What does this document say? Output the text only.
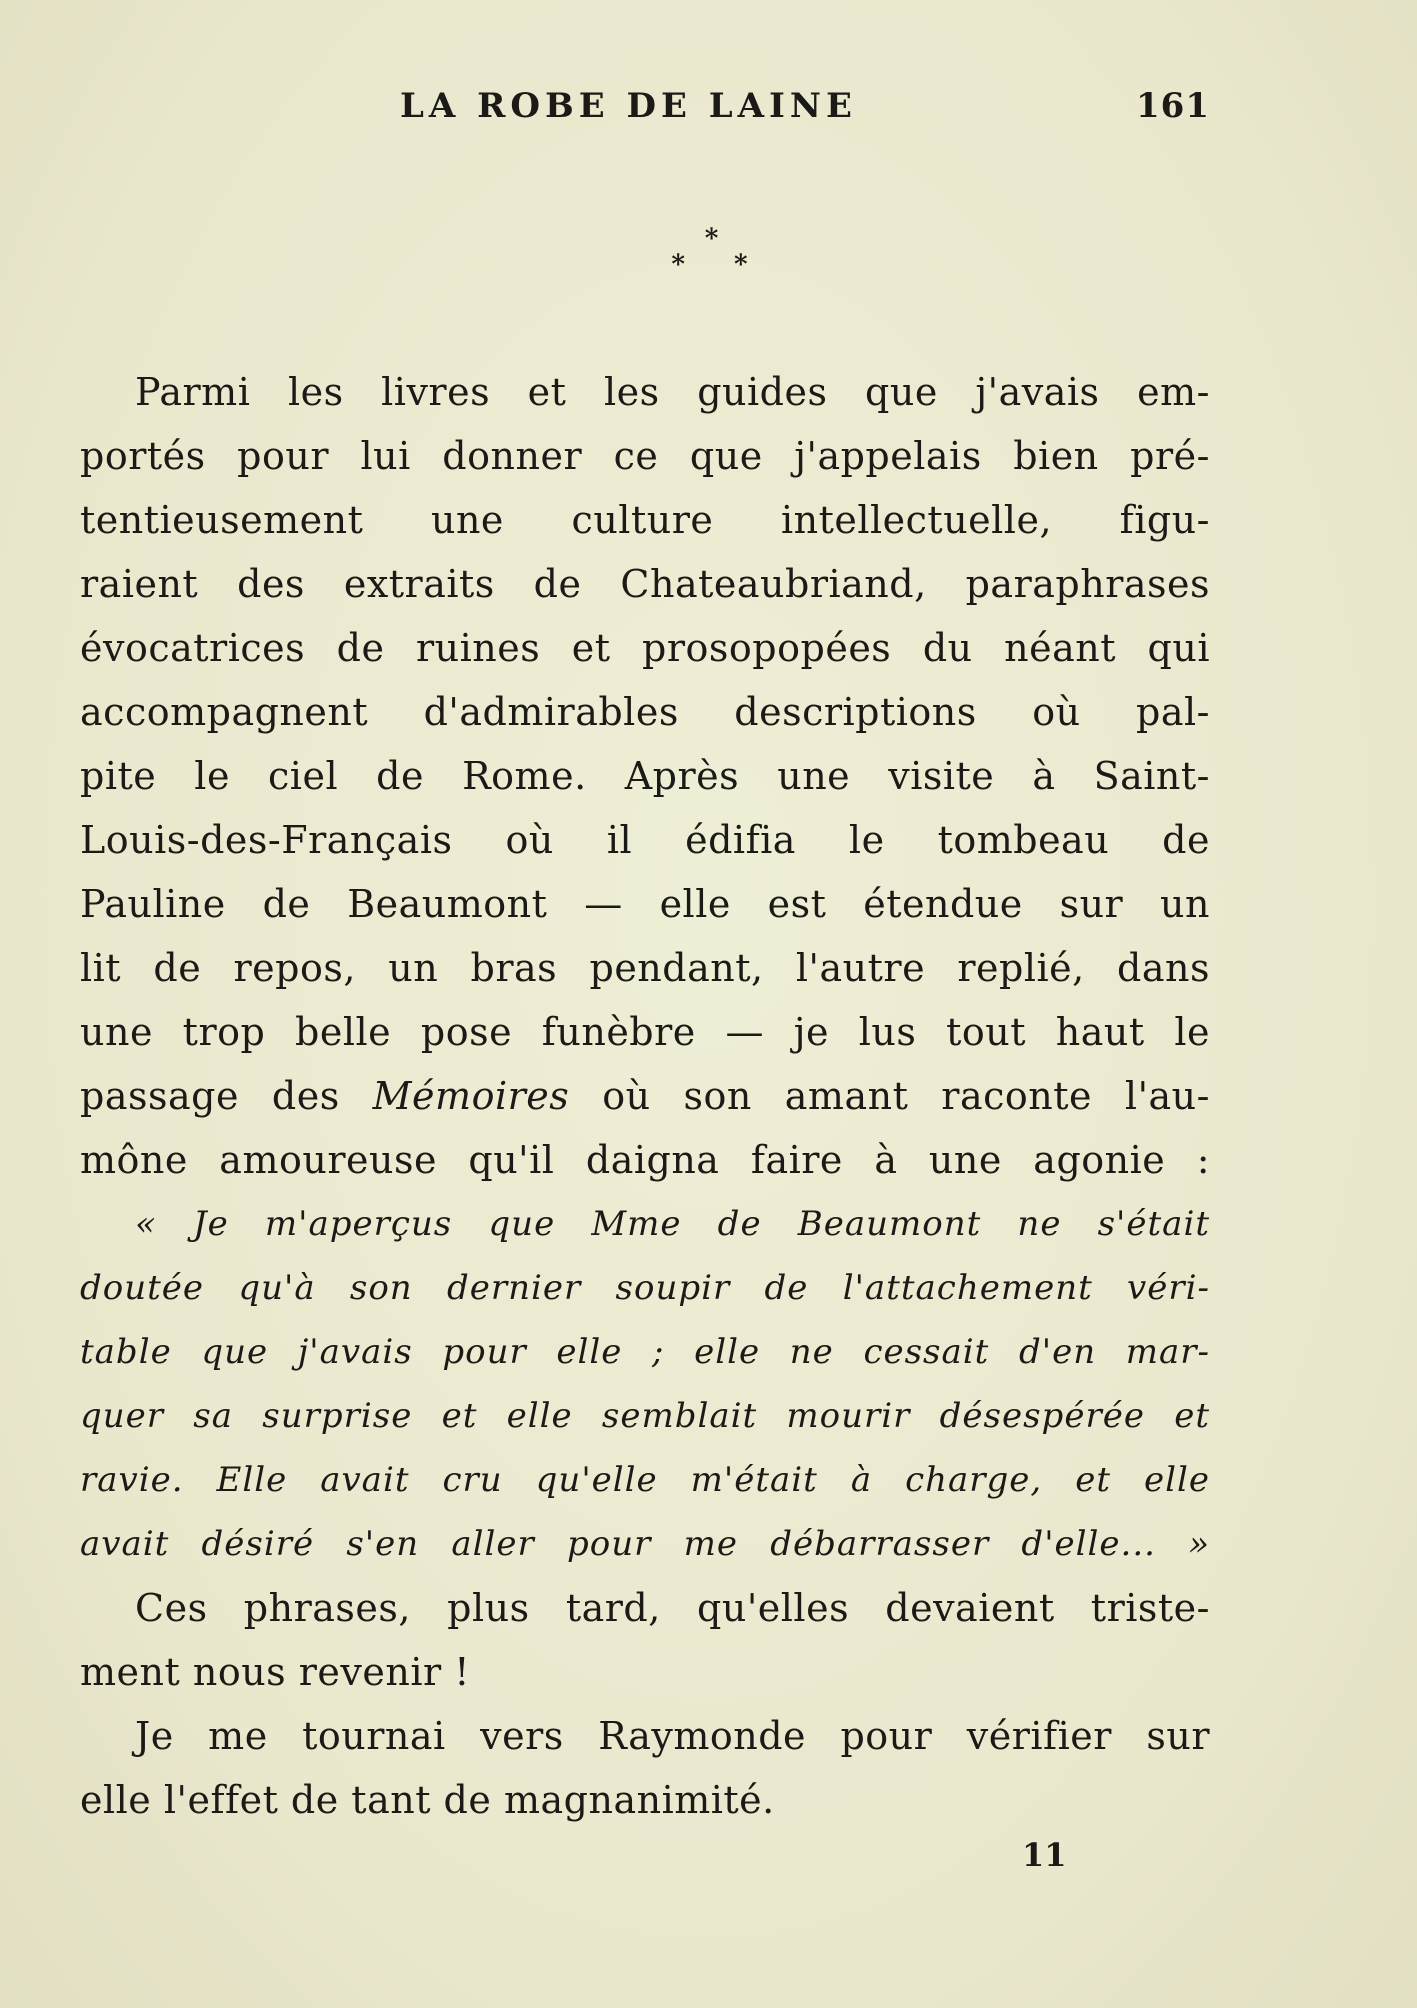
LA ROBE DE LAINE	161
*
* *
Parmi les livres et les guides que j'avais em-
portés pour lui donner ce que j'appelais bien pré-
tentieusement une culture intellectuelle, figu-
raient des extraits de Chateaubriand, paraphrases
évocatrices de ruines et prosopopées du néant qui
accompagnent d'admirables descriptions où pal-
pite le ciel de Rome. Après une visite à Saint-
Louis-des-Français où il édifia le tombeau de
Pauline de Beaumont — elle est étendue sur un
lit de repos, un bras pendant, l'autre replié, dans
une trop belle pose funèbre — je lus tout haut le
passage des Mémoires où son amant raconte l'au-
mône amoureuse qu'il daigna faire à une agonie :
« Je m'aperçus que Mme de Beaumont ne s'était
doutée qu'à son dernier soupir de l'attachement véri-
table que j'avais pour elle ; elle ne cessait d'en mar-
quer sa surprise et elle semblait mourir désespérée et
ravie. Elle avait cru qu'elle m'était à charge, et elle
avait désiré s'en aller pour me débarrasser d'elle... »
Ces phrases, plus tard, qu'elles devaient triste-
ment nous revenir !
Je me tournai vers Raymonde pour vérifier sur
elle l'effet de tant de magnanimité.
11
